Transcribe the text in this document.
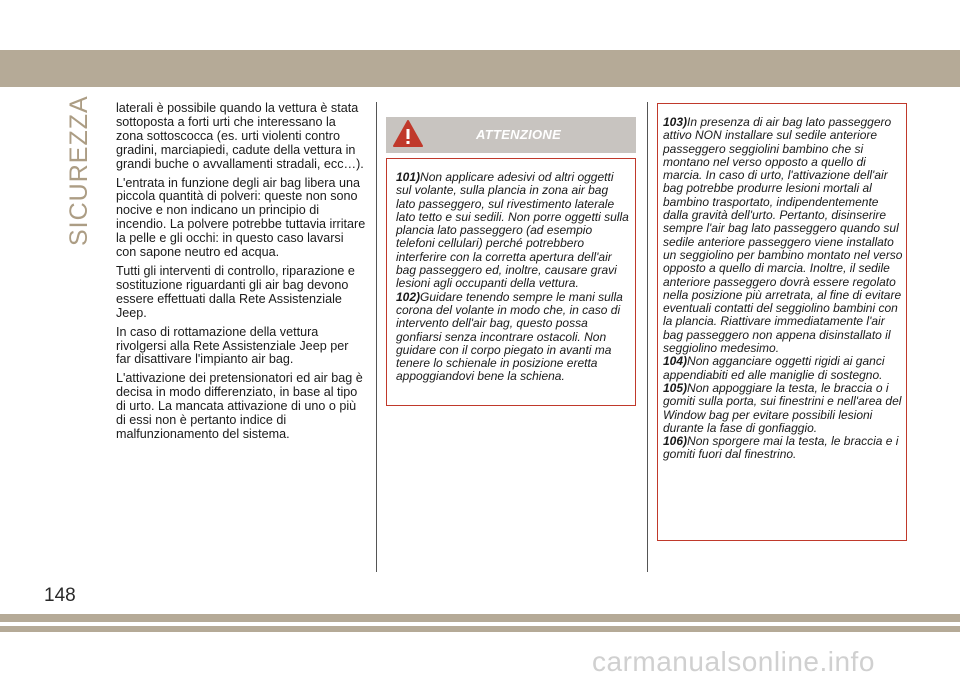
SICUREZZA laterali è possibile quando la vettura è stata sottoposta a forti urti che interessano la zona sottoscocca (es. urti violenti contro gradini, marciapiedi, cadute della vettura in grandi buche o avvallamenti stradali, ecc…).

L'entrata in funzione degli air bag libera una piccola quantità di polveri: queste non sono nocive e non indicano un principio di incendio. La polvere potrebbe tuttavia irritare la pelle e gli occhi: in questo caso lavarsi con sapone neutro ed acqua.

Tutti gli interventi di controllo, riparazione e sostituzione riguardanti gli air bag devono essere effettuati dalla Rete Assistenziale Jeep.

In caso di rottamazione della vettura rivolgersi alla Rete Assistenziale Jeep per far disattivare l'impianto air bag.

L'attivazione dei pretensionatori ed air bag è decisa in modo differenziato, in base al tipo di urto. La mancata attivazione di uno o più di essi non è pertanto indice di malfunzionamento del sistema.

ATTENZIONE

101)Non applicare adesivi od altri oggetti sul volante, sulla plancia in zona air bag lato passeggero, sul rivestimento laterale lato tetto e sui sedili. Non porre oggetti sulla plancia lato passeggero (ad esempio telefoni cellulari) perché potrebbero interferire con la corretta apertura dell'air bag passeggero ed, inoltre, causare gravi lesioni agli occupanti della vettura.

102)Guidare tenendo sempre le mani sulla corona del volante in modo che, in caso di intervento dell'air bag, questo possa gonfiarsi senza incontrare ostacoli. Non guidare con il corpo piegato in avanti ma tenere lo schienale in posizione eretta appoggiandovi bene la schiena.

103)In presenza di air bag lato passeggero attivo NON installare sul sedile anteriore passeggero seggiolini bambino che si montano nel verso opposto a quello di marcia. In caso di urto, l'attivazione dell'air bag potrebbe produrre lesioni mortali al bambino trasportato, indipendentemente dalla gravità dell'urto. Pertanto, disinserire sempre l'air bag lato passeggero quando sul sedile anteriore passeggero viene installato un seggiolino per bambino montato nel verso opposto a quello di marcia. Inoltre, il sedile anteriore passeggero dovrà essere regolato nella posizione più arretrata, al fine di evitare eventuali contatti del seggiolino bambini con la plancia. Riattivare immediatamente l'air bag passeggero non appena disinstallato il seggiolino medesimo.

104)Non agganciare oggetti rigidi ai ganci appendiabiti ed alle maniglie di sostegno.

105)Non appoggiare la testa, le braccia o i gomiti sulla porta, sui finestrini e nell'area del Window bag per evitare possibili lesioni durante la fase di gonfiaggio.

106)Non sporgere mai la testa, le braccia e i gomiti fuori dal finestrino.

148
carmanualsonline.info
